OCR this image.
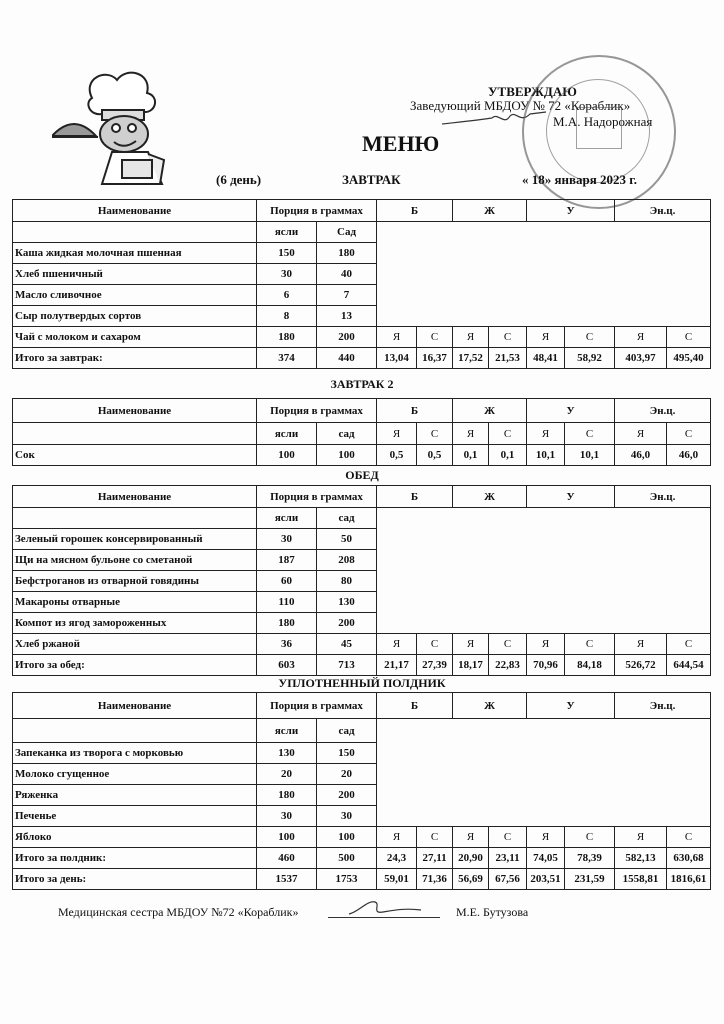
УТВЕРЖДАЮ
Заведующий МБДОУ № 72 «Кораблик»
М.А. Надорожная
МЕНЮ
(6 день)	ЗАВТРАК	« 18» января 2023 г.
Наименование	Порция в граммах		Б		Ж		У		Эн.ц.	
	ясли	Сад								
Каша жидкая молочная пшенная	150	180								
Хлеб пшеничный	30	40								
Масло сливочное	6	7								
Сыр полутвердых сортов	8	13								
Чай с молоком и сахаром	180	200	Я	С	Я	С	Я	С	Я	С
Итого за завтрак:	374	440	13,04	16,37	17,52	21,53	48,41	58,92	403,97	495,40
ЗАВТРАК 2
Наименование	Порция в граммах		Б		Ж		У		Эн.ц.	
	ясли	сад	Я	С	Я	С	Я	С	Я	С
Сок	100	100	0,5	0,5	0,1	0,1	10,1	10,1	46,0	46,0
ОБЕД
Наименование	Порция в граммах		Б		Ж		У		Эн.ц.	
	ясли	сад								
Зеленый горошек консервированный	30	50								
Щи на мясном бульоне со сметаной	187	208								
Бефстроганов из отварной говядины	60	80								
Макароны отварные	110	130								
Компот из ягод замороженных	180	200								
Хлеб ржаной	36	45	Я	С	Я	С	Я	С	Я	С
Итого за обед:	603	713	21,17	27,39	18,17	22,83	70,96	84,18	526,72	644,54
УПЛОТНЕННЫЙ ПОЛДНИК
Наименование	Порция в граммах		Б		Ж		У		Эн.ц.	
	ясли	сад								
Запеканка из творога с морковью	130	150								
Молоко сгущенное	20	20								
Ряженка	180	200								
Печенье	30	30								
Яблоко	100	100	Я	С	Я	С	Я	С	Я	С
Итого за полдник:	460	500	24,3	27,11	20,90	23,11	74,05	78,39	582,13	630,68
Итого за день:	1537	1753	59,01	71,36	56,69	67,56	203,51	231,59	1558,81	1816,61
Медицинская сестра МБДОУ №72 «Кораблик»	М.Е. Бутузова
